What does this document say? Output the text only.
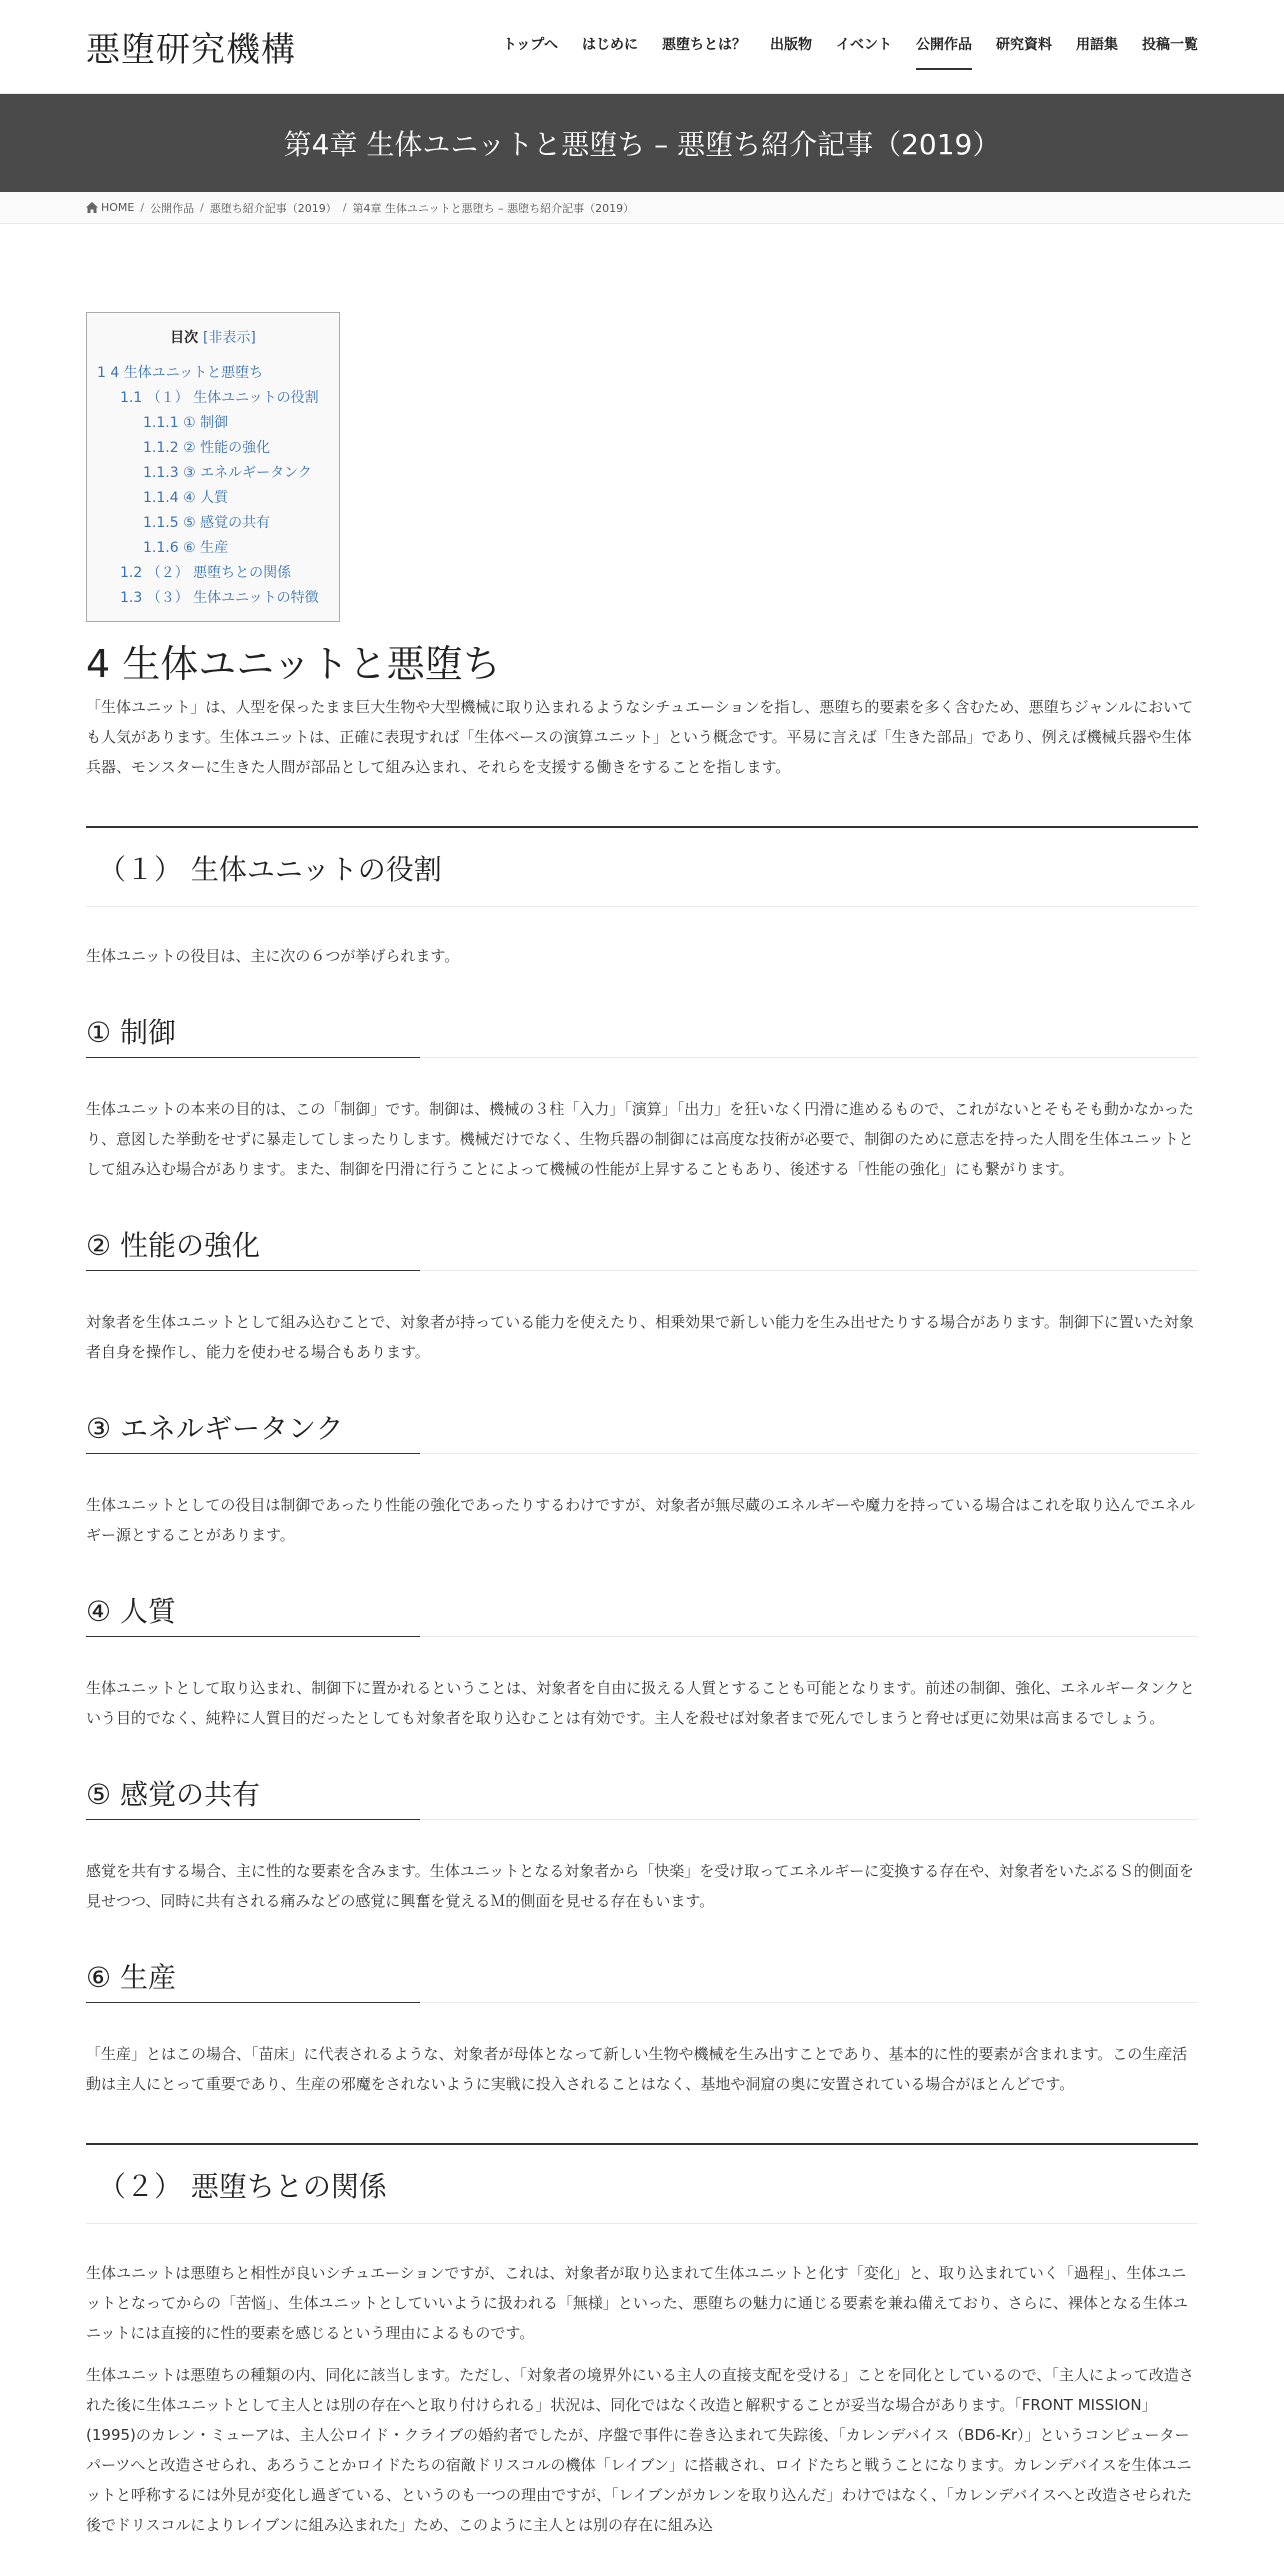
悪堕研究機構	トップへ はじめに 悪堕ちとは？ 出版物 イベント 公開作品 研究資料 用語集 投稿一覧
第4章 生体ユニットと悪堕ち – 悪堕ち紹介記事（2019）
HOME / 公開作品 / 悪堕ち紹介記事（2019） / 第4章 生体ユニットと悪堕ち – 悪堕ち紹介記事（2019）
目次 [非表示]
1 4 生体ユニットと悪堕ち
1.1 （１） 生体ユニットの役割
1.1.1 ① 制御
1.1.2 ② 性能の強化
1.1.3 ③ エネルギータンク
1.1.4 ④ 人質
1.1.5 ⑤ 感覚の共有
1.1.6 ⑥ 生産
1.2 （２） 悪堕ちとの関係
1.3 （３） 生体ユニットの特徴
4 生体ユニットと悪堕ち

「生体ユニット」は、人型を保ったまま巨大生物や大型機械に取り込まれるようなシチュエーションを指し、悪堕ち的要素を多く含むため、悪堕ちジャンルにおいても人気があります。生体ユニットは、正確に表現すれば「生体ベースの演算ユニット」という概念です。平易に言えば「生きた部品」であり、例えば機械兵器や生体兵器、モンスターに生きた人間が部品として組み込まれ、それらを支援する働きをすることを指します。

（１） 生体ユニットの役割

生体ユニットの役目は、主に次の６つが挙げられます。

① 制御

生体ユニットの本来の目的は、この「制御」です。制御は、機械の３柱「入力」「演算」「出力」を狂いなく円滑に進めるもので、これがないとそもそも動かなかったり、意図した挙動をせずに暴走してしまったりします。機械だけでなく、生物兵器の制御には高度な技術が必要で、制御のために意志を持った人間を生体ユニットとして組み込む場合があります。また、制御を円滑に行うことによって機械の性能が上昇することもあり、後述する「性能の強化」にも繋がります。

② 性能の強化

対象者を生体ユニットとして組み込むことで、対象者が持っている能力を使えたり、相乗効果で新しい能力を生み出せたりする場合があります。制御下に置いた対象者自身を操作し、能力を使わせる場合もあります。

③ エネルギータンク

生体ユニットとしての役目は制御であったり性能の強化であったりするわけですが、対象者が無尽蔵のエネルギーや魔力を持っている場合はこれを取り込んでエネルギー源とすることがあります。

④ 人質

生体ユニットとして取り込まれ、制御下に置かれるということは、対象者を自由に扱える人質とすることも可能となります。前述の制御、強化、エネルギータンクという目的でなく、純粋に人質目的だったとしても対象者を取り込むことは有効です。主人を殺せば対象者まで死んでしまうと脅せば更に効果は高まるでしょう。

⑤ 感覚の共有

感覚を共有する場合、主に性的な要素を含みます。生体ユニットとなる対象者から「快楽」を受け取ってエネルギーに変換する存在や、対象者をいたぶるＳ的側面を見せつつ、同時に共有される痛みなどの感覚に興奮を覚えるＭ的側面を見せる存在もいます。

⑥ 生産

「生産」とはこの場合、「苗床」に代表されるような、対象者が母体となって新しい生物や機械を生み出すことであり、基本的に性的要素が含まれます。この生産活動は主人にとって重要であり、生産の邪魔をされないように実戦に投入されることはなく、基地や洞窟の奥に安置されている場合がほとんどです。

（２） 悪堕ちとの関係

生体ユニットは悪堕ちと相性が良いシチュエーションですが、これは、対象者が取り込まれて生体ユニットと化す「変化」と、取り込まれていく「過程」、生体ユニットとなってからの「苦悩」、生体ユニットとしていいように扱われる「無様」といった、悪堕ちの魅力に通じる要素を兼ね備えており、さらに、裸体となる生体ユニットには直接的に性的要素を感じるという理由によるものです。

生体ユニットは悪堕ちの種類の内、同化に該当します。ただし、「対象者の境界外にいる主人の直接支配を受ける」ことを同化としているので、「主人によって改造された後に生体ユニットとして主人とは別の存在へと取り付けられる」状況は、同化ではなく改造と解釈することが妥当な場合があります。「FRONT MISSION」(1995)のカレン・ミューアは、主人公ロイド・クライブの婚約者でしたが、序盤で事件に巻き込まれて失踪後、「カレンデバイス（BD6-Kr）」というコンピューターパーツへと改造させられ、あろうことかロイドたちの宿敵ドリスコルの機体「レイブン」に搭載され、ロイドたちと戦うことになります。カレンデバイスを生体ユニットと呼称するには外見が変化し過ぎている、というのも一つの理由ですが、「レイブンがカレンを取り込んだ」わけではなく、「カレンデバイスへと改造させられた後でドリスコルによりレイブンに組み込まれた」ため、このように主人とは別の存在に組み込
